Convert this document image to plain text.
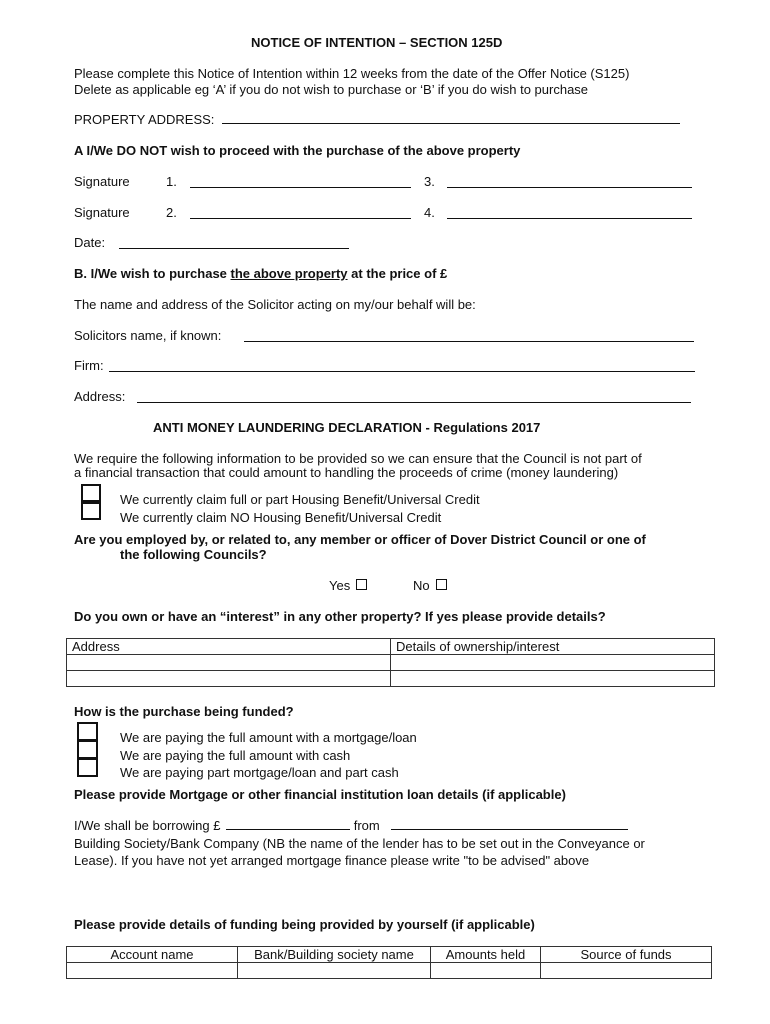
NOTICE OF INTENTION – SECTION 125D
Please complete this Notice of Intention within 12 weeks from the date of the Offer Notice (S125)
Delete as applicable eg ‘A’ if you do not wish to purchase or ‘B’ if you do wish to purchase
PROPERTY ADDRESS:
A I/We DO NOT wish to proceed with the purchase of the above property
Signature	1.	3.
Signature	2.	4.
Date:
B. I/We wish to purchase the above property at the price of £
The name and address of the Solicitor acting on my/our behalf will be:
Solicitors name, if known:
Firm:
Address:
ANTI MONEY LAUNDERING DECLARATION - Regulations 2017
We require the following information to be provided so we can ensure that the Council is not part of
a financial transaction that could amount to handling the proceeds of crime (money laundering)
We currently claim full or part Housing Benefit/Universal Credit
We currently claim NO Housing Benefit/Universal Credit
Are you employed by, or related to, any member or officer of Dover District Council or one of
the following Councils?
Yes	No
Do you own or have an “interest” in any other property? If yes please provide details?
Address	Details of ownership/interest

How is the purchase being funded?
We are paying the full amount with a mortgage/loan
We are paying the full amount with cash
We are paying part mortgage/loan and part cash
Please provide Mortgage or other financial institution loan details (if applicable)
I/We shall be borrowing £	from
Building Society/Bank Company (NB the name of the lender has to be set out in the Conveyance or
Lease). If you have not yet arranged mortgage finance please write "to be advised" above
Please provide details of funding being provided by yourself (if applicable)
Account name	Bank/Building society name	Amounts held	Source of funds
